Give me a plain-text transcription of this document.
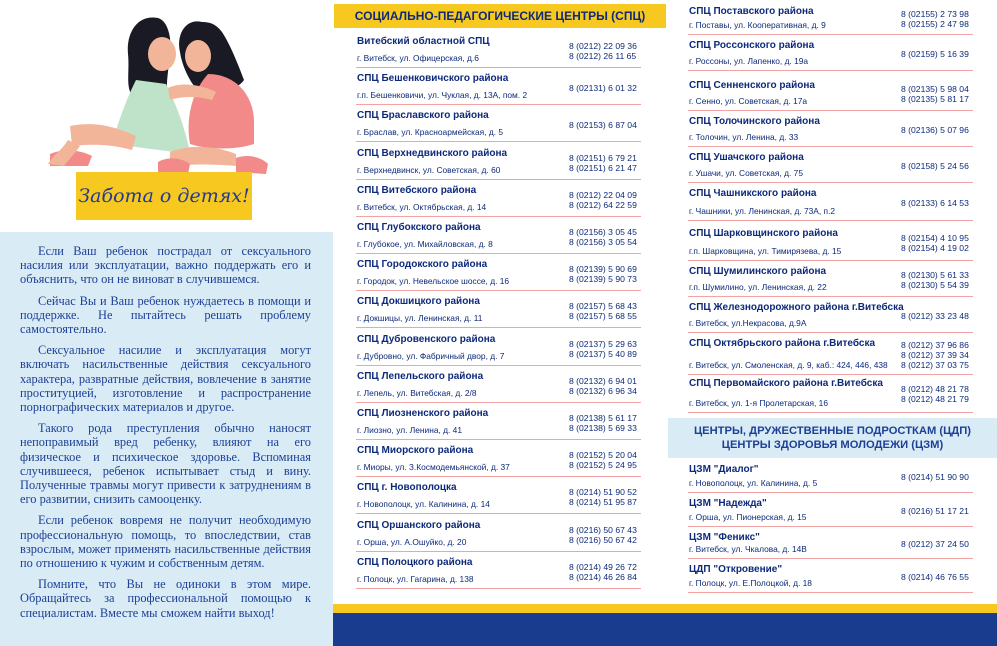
Забота о детях!

Если Ваш ребенок пострадал от сексуального насилия или эксплуатации, важно поддержать его и объяснить, что он не виноват в случившемся.

Сейчас Вы и Ваш ребенок нуждаетесь в помощи и поддержке. Не пытайтесь решать проблему самостоятельно.

Сексуальное насилие и эксплуатация могут включать насильственные действия сексуального характера, развратные действия, вовлечение в занятие проституцией, изготовление и распространение порнографических материалов и другое.

Такого рода преступления обычно наносят непоправимый вред ребенку, влияют на его физическое и психическое здоровье. Вспоминая случившееся, ребенок испытывает стыд и вину. Полученные травмы могут привести к затруднениям в его развитии, снизить самооценку.

Если ребенок вовремя не получит необходимую профессиональную помощь, то впоследствии, став взрослым, может применять насильственные действия по отношению к чужим и собственным детям.

Помните, что Вы не одиноки в этом мире. Обращайтесь за профессиональной помощью к специалистам. Вместе мы сможем найти выход!

СОЦИАЛЬНО-ПЕДАГОГИЧЕСКИЕ ЦЕНТРЫ (СПЦ)
Витебский областной СПЦ
г. Витебск, ул. Офицерская, д.6
8 (0212) 22 09 36
8 (0212) 26 11 65
СПЦ Бешенковичского района
г.п. Бешенковичи, ул. Чуклая, д. 13А, пом. 2
8 (02131) 6 01 32
СПЦ Браславского района
г. Браслав, ул. Красноармейская, д. 5
8 (02153) 6 87 04
СПЦ Верхнедвинского района
г. Верхнедвинск, ул. Советская, д. 60
8 (02151) 6 79 21
8 (02151) 6 21 47
СПЦ Витебского района
г. Витебск, ул. Октябрьская, д. 14
8 (0212) 22 04 09
8 (0212) 64 22 59
СПЦ Глубокского района
г. Глубокое, ул. Михайловская, д. 8
8 (02156) 3 05 45
8 (02156) 3 05 54
СПЦ Городокского района
г. Городок, ул. Невельское шоссе, д. 16
8 (02139) 5 90 69
8 (02139) 5 90 73
СПЦ Докшицкого района
г. Докшицы, ул. Ленинская, д. 11
8 (02157) 5 68 43
8 (02157) 5 68 55
СПЦ Дубровенского района
г. Дубровно, ул. Фабричный двор, д. 7
8 (02137) 5 29 63
8 (02137) 5 40 89
СПЦ Лепельского района
г. Лепель, ул. Витебская, д. 2/8
8 (02132) 6 94 01
8 (02132) 6 96 34
СПЦ Лиозненского района
г. Лиозно, ул. Ленина, д. 41
8 (02138) 5 61 17
8 (02138) 5 69 33
СПЦ Миорского района
г. Миоры, ул. З.Космодемьянской, д. 37
8 (02152) 5 20 04
8 (02152) 5 24 95
СПЦ г. Новополоцка
г. Новополоцк, ул. Калинина, д. 14
8 (0214) 51 90 52
8 (0214) 51 95 87
СПЦ Оршанского района
г. Орша, ул. А.Ошуйко, д. 20
8 (0216) 50 67 43
8 (0216) 50 67 42
СПЦ Полоцкого района
г. Полоцк, ул. Гагарина, д. 138
8 (0214) 49 26 72
8 (0214) 46 26 84
СПЦ Поставского района
г. Поставы, ул. Кооперативная, д. 9
8 (02155) 2 73 98
8 (02155) 2 47 98
СПЦ Россонского района
г. Россоны, ул. Лапенко, д. 19а
8 (02159) 5 16 39
СПЦ Сенненского района
г. Сенно, ул. Советская, д. 17а
8 (02135) 5 98 04
8 (02135) 5 81 17
СПЦ Толочинского района
г. Толочин, ул. Ленина, д. 33
8 (02136) 5 07 96
СПЦ Ушачского района
г. Ушачи, ул. Советская, д. 75
8 (02158) 5 24 56
СПЦ Чашникского района
г. Чашники, ул. Ленинская, д. 73А, п.2
8 (02133) 6 14 53
СПЦ Шарковщинского района
г.п. Шарковщина, ул. Тимирязева, д. 15
8 (02154) 4 10 95
8 (02154) 4 19 02
СПЦ Шумилинского района
г.п. Шумилино, ул. Ленинская, д. 22
8 (02130) 5 61 33
8 (02130) 5 54 39
СПЦ Железнодорожного района г.Витебска
г. Витебск, ул.Некрасова, д.9А
8 (0212) 33 23 48
СПЦ Октябрьского района г.Витебска
г. Витебск, ул. Смоленская, д. 9, каб.: 424, 446, 438
8 (0212) 37 96 86
8 (0212) 37 39 34
8 (0212) 37 03 75
СПЦ Первомайского района г.Витебска
г. Витебск, ул. 1-я Пролетарская, 16
8 (0212) 48 21 78
8 (0212) 48 21 79
ЦЕНТРЫ, ДРУЖЕСТВЕННЫЕ ПОДРОСТКАМ (ЦДП)
ЦЕНТРЫ ЗДОРОВЬЯ МОЛОДЕЖИ (ЦЗМ)
ЦЗМ "Диалог"
г. Новополоцк, ул. Калинина, д. 5
8 (0214) 51 90 90
ЦЗМ "Надежда"
г. Орша, ул. Пионерская, д. 15
8 (0216) 51 17 21
ЦЗМ "Феникс"
г. Витебск, ул. Чкалова, д. 14В	8 (0212) 37 24 50
ЦДП "Откровение"
г. Полоцк, ул. Е.Полоцкой, д. 18
8 (0214) 46 76 55
